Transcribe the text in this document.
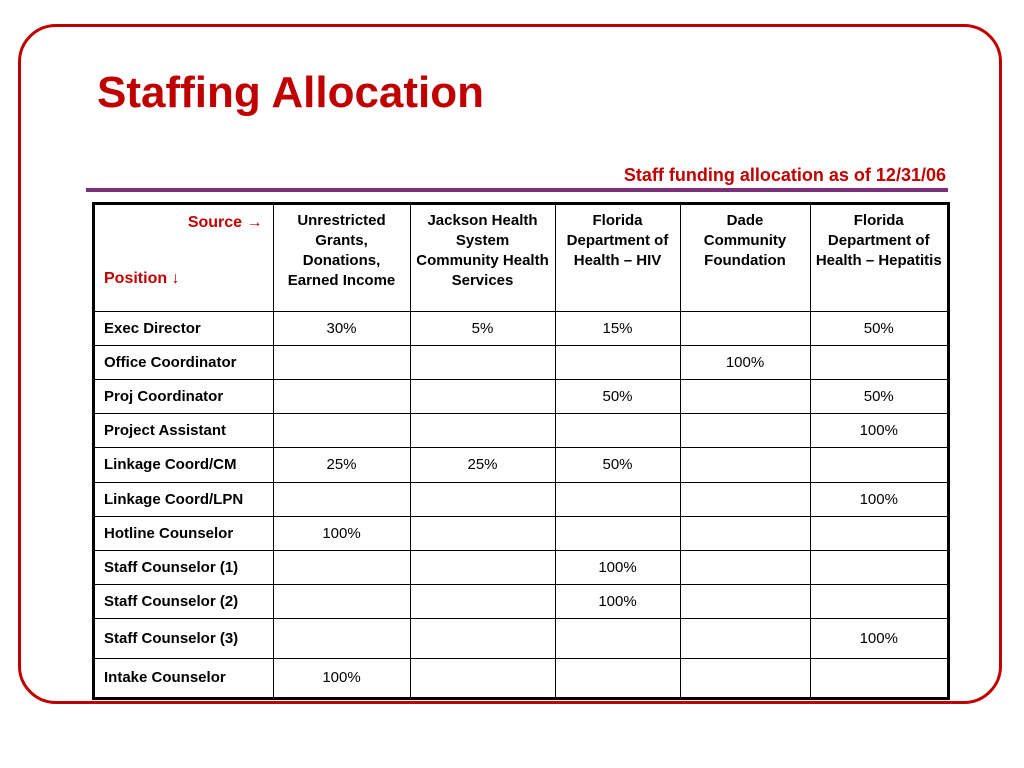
Staffing Allocation
Staff funding allocation as of 12/31/06
Source →
Position ↓	Unrestricted Grants, Donations, Earned Income	Jackson Health System Community Health Services	Florida Department of Health – HIV	Dade Community Foundation	Florida Department of Health – Hepatitis
Exec Director	30%	5%	15%		50%
Office Coordinator				100%	
Proj Coordinator			50%		50%
Project Assistant					100%
Linkage Coord/CM	25%	25%	50%		
Linkage Coord/LPN					100%
Hotline Counselor	100%				
Staff Counselor (1)			100%		
Staff Counselor (2)			100%		
Staff Counselor (3)					100%
Intake Counselor	100%				
